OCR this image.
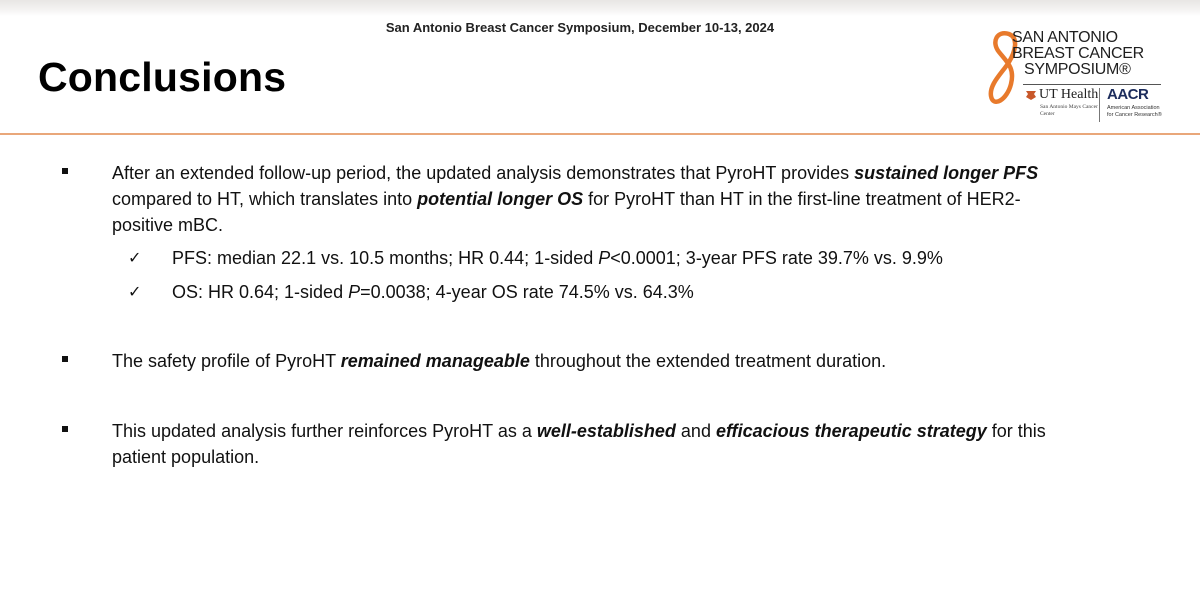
San Antonio Breast Cancer Symposium, December 10-13, 2024
Conclusions
SAN ANTONIO
BREAST CANCER
SYMPOSIUM®
UT Health
San Antonio Mays Cancer Center
AACR
American Association for Cancer Research®
After an extended follow-up period, the updated analysis demonstrates that PyroHT provides sustained longer PFS compared to HT, which translates into potential longer OS for PyroHT than HT in the first-line treatment of HER2-positive mBC.
✓ PFS: median 22.1 vs. 10.5 months; HR 0.44; 1-sided P<0.0001; 3-year PFS rate 39.7% vs. 9.9%
✓ OS: HR 0.64; 1-sided P=0.0038; 4-year OS rate 74.5% vs. 64.3%
The safety profile of PyroHT remained manageable throughout the extended treatment duration.
This updated analysis further reinforces PyroHT as a well-established and efficacious therapeutic strategy for this patient population.
